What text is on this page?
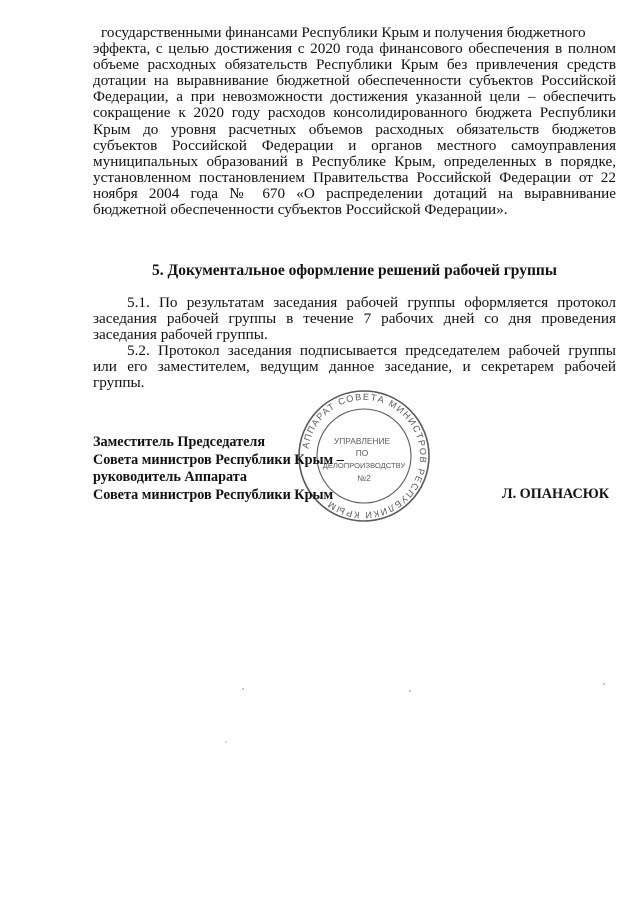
государственными финансами Республики Крым и получения бюджетного
эффекта, с целью достижения с 2020 года финансового обеспечения в полном объеме расходных обязательств Республики Крым без привлечения средств дотации на выравнивание бюджетной обеспеченности субъектов Российской Федерации, а при невозможности достижения указанной цели – обеспечить сокращение к 2020 году расходов консолидированного бюджета Республики Крым до уровня расчетных объемов расходных обязательств бюджетов субъектов Российской Федерации и органов местного самоуправления муниципальных образований в Республике Крым, определенных в порядке, установленном постановлением Правительства Российской Федерации от 22 ноября 2004 года № 670 «О распределении дотаций на выравнивание бюджетной обеспеченности субъектов Российской Федерации».
5. Документальное оформление решений рабочей группы

5.1. По результатам заседания рабочей группы оформляется протокол заседания рабочей группы в течение 7 рабочих дней со дня проведения заседания рабочей группы.

5.2. Протокол заседания подписывается председателем рабочей группы или его заместителем, ведущим данное заседание, и секретарем рабочей группы.

АППАРАТ СОВЕТА МИНИСТРОВ РЕСПУБЛИКИ КРЫМ
УПРАВЛЕНИЕ
ПО
ДЕЛОПРОИЗВОДСТВУ
№2
Заместитель Председателя
Совета министров Республики Крым –
руководитель Аппарата
Совета министров Республики Крым	Л. ОПАНАСЮК
